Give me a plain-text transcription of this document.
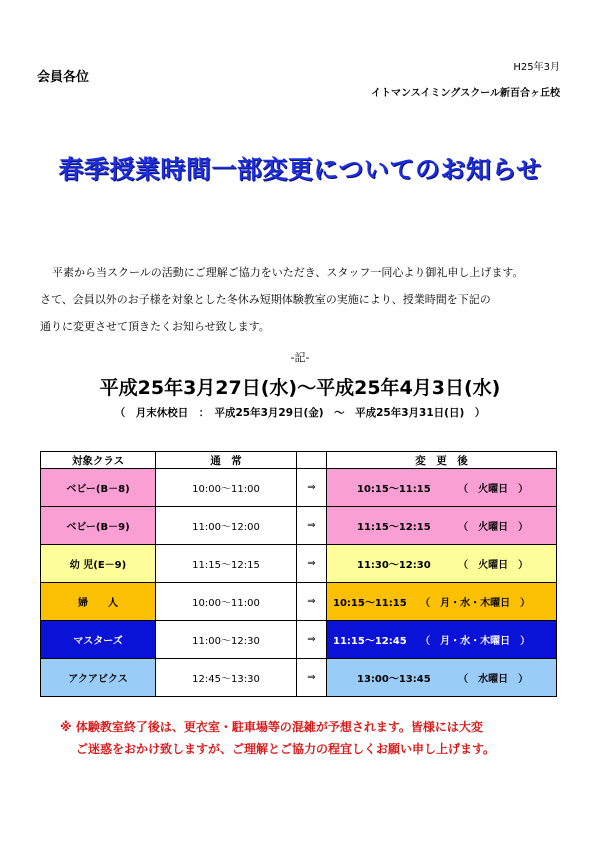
会員各位
H25年3月
イトマンスイミングスクール新百合ヶ丘校
春季授業時間一部変更についてのお知らせ

平素から当スクールの活動にご理解ご協力をいただき、スタッフ一同心より御礼申し上げます。

さて、会員以外のお子様を対象とした冬休み短期体験教室の実施により、授業時間を下記の

通りに変更させて頂きたくお知らせ致します。

-記-
平成25年3月27日(水)～平成25年4月3日(水)
（　月末休校日　：　平成25年3月29日(金)　～　平成25年3月31日(日)　）
対象クラス	通　常		変　更　後
ベビー(B－8)	10:00～11:00	⇒	10:15～11:15 （　火曜日　）
ベビー(B－9)	11:00～12:00	⇒	11:15～12:15 （　火曜日　）
幼 児(E－9)	11:15～12:15	⇒	11:30～12:30 （　火曜日　）
婦　　人	10:00～11:00	⇒	10:15～11:15 （　月・水・木曜日　）
マスターズ	11:00～12:30	⇒	11:15～12:45 （　月・水・木曜日　）
アクアビクス	12:45～13:30	⇒	13:00～13:45 （　水曜日　）

※ 体験教室終了後は、更衣室・駐車場等の混雑が予想されます。皆様には大変

ご迷惑をおかけ致しますが、ご理解とご協力の程宜しくお願い申し上げます。
